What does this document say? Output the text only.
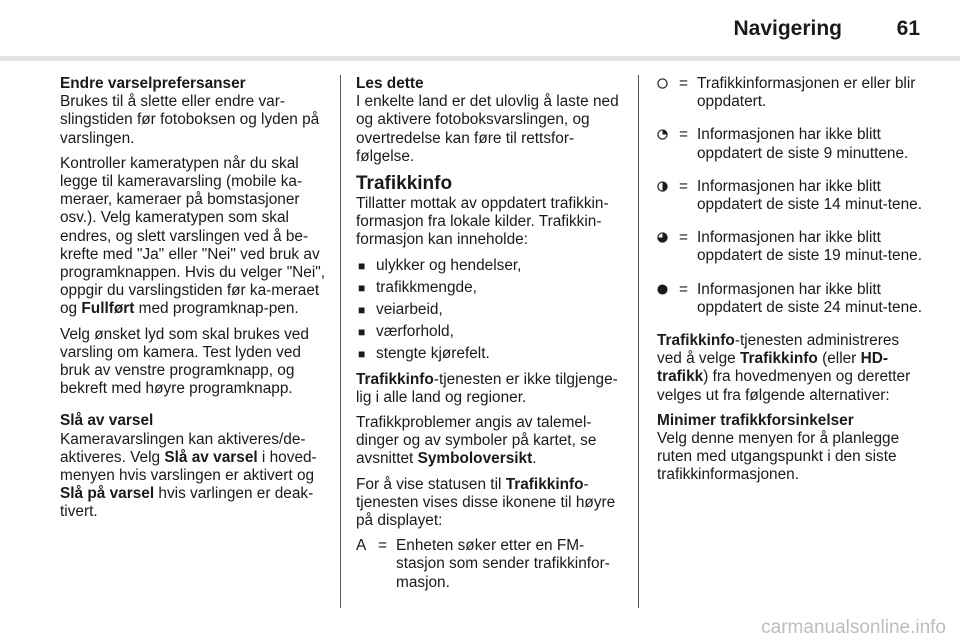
Navigering	61

Endre varselprefersanser

Brukes til å slette eller endre var-slingstiden før fotoboksen og lyden på varslingen.

Kontroller kameratypen når du skal legge til kameravarsling (mobile ka-meraer, kameraer på bomstasjoner osv.). Velg kameratypen som skal endres, og slett varslingen ved å be-krefte med "Ja" eller "Nei" ved bruk av programknappen. Hvis du velger "Nei", oppgir du varslingstiden før ka-meraet og Fullført med programknap-pen.

Velg ønsket lyd som skal brukes ved varsling om kamera. Test lyden ved bruk av venstre programknapp, og bekreft med høyre programknapp.

Slå av varsel

Kameravarslingen kan aktiveres/de-aktiveres. Velg Slå av varsel i hoved-menyen hvis varslingen er aktivert og Slå på varsel hvis varlingen er deak-tivert.

Les dette

I enkelte land er det ulovlig å laste ned og aktivere fotoboksvarslingen, og overtredelse kan føre til rettsfor-følgelse.

Trafikkinfo

Tillatter mottak av oppdatert trafikkin-formasjon fra lokale kilder. Trafikkin-formasjon kan inneholde:

■ ulykker og hendelser,
■ trafikkmengde,
■ veiarbeid,
■ værforhold,
■ stengte kjørefelt.

Trafikkinfo-tjenesten er ikke tilgjenge-lig i alle land og regioner.

Trafikkproblemer angis av talemel-dinger og av symboler på kartet, se avsnittet Symboloversikt.

For å vise statusen til Trafikkinfo-tjenesten vises disse ikonene til høyre på displayet:

A = Enheten søker etter en FM-stasjon som sender trafikkinfor-masjon.
= Trafikkinformasjonen er eller blir oppdatert.
= Informasjonen har ikke blitt oppdatert de siste 9 minuttene.
= Informasjonen har ikke blitt oppdatert de siste 14 minut-tene.
= Informasjonen har ikke blitt oppdatert de siste 19 minut-tene.
= Informasjonen har ikke blitt oppdatert de siste 24 minut-tene.

Trafikkinfo-tjenesten administreres ved å velge Trafikkinfo (eller HD-trafikk) fra hovedmenyen og deretter velges ut fra følgende alternativer:

Minimer trafikkforsinkelser

Velg denne menyen for å planlegge ruten med utgangspunkt i den siste trafikkinformasjonen.

carmanualsonline.info
